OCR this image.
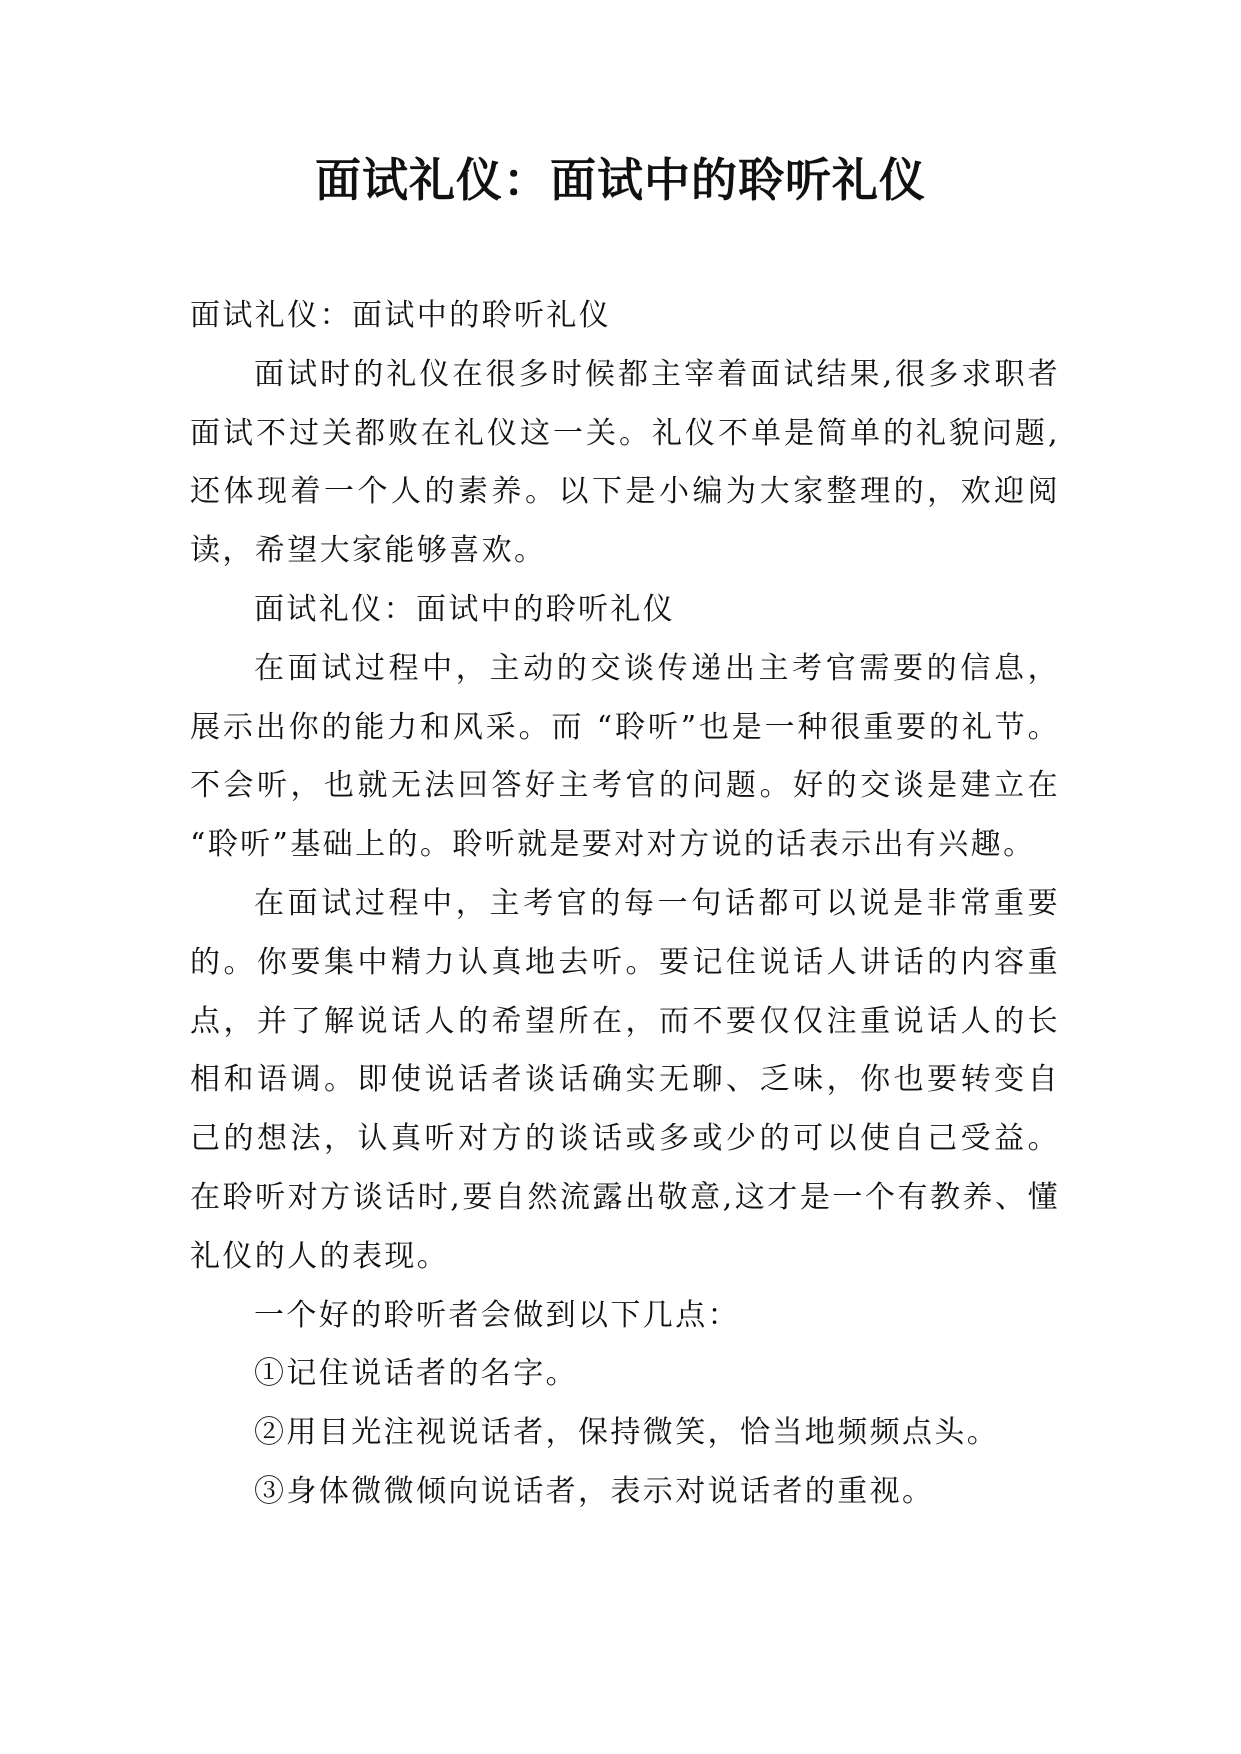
面试礼仪：面试中的聆听礼仪

面试礼仪：面试中的聆听礼仪

面试时的礼仪在很多时候都主宰着面试结果,很多求职者面试不过关都败在礼仪这一关。礼仪不单是简单的礼貌问题,还体现着一个人的素养。以下是小编为大家整理的，欢迎阅读，希望大家能够喜欢。

面试礼仪：面试中的聆听礼仪

在面试过程中，主动的交谈传递出主考官需要的信息，展示出你的能力和风采。而 “聆听”也是一种很重要的礼节。不会听，也就无法回答好主考官的问题。好的交谈是建立在 “聆听”基础上的。聆听就是要对对方说的话表示出有兴趣。

在面试过程中，主考官的每一句话都可以说是非常重要的。你要集中精力认真地去听。要记住说话人讲话的内容重点，并了解说话人的希望所在，而不要仅仅注重说话人的长相和语调。即使说话者谈话确实无聊、乏味，你也要转变自己的想法，认真听对方的谈话或多或少的可以使自己受益。在聆听对方谈话时,要自然流露出敬意,这才是一个有教养、懂礼仪的人的表现。

一个好的聆听者会做到以下几点：

①记住说话者的名字。

②用目光注视说话者，保持微笑，恰当地频频点头。

③身体微微倾向说话者，表示对说话者的重视。
